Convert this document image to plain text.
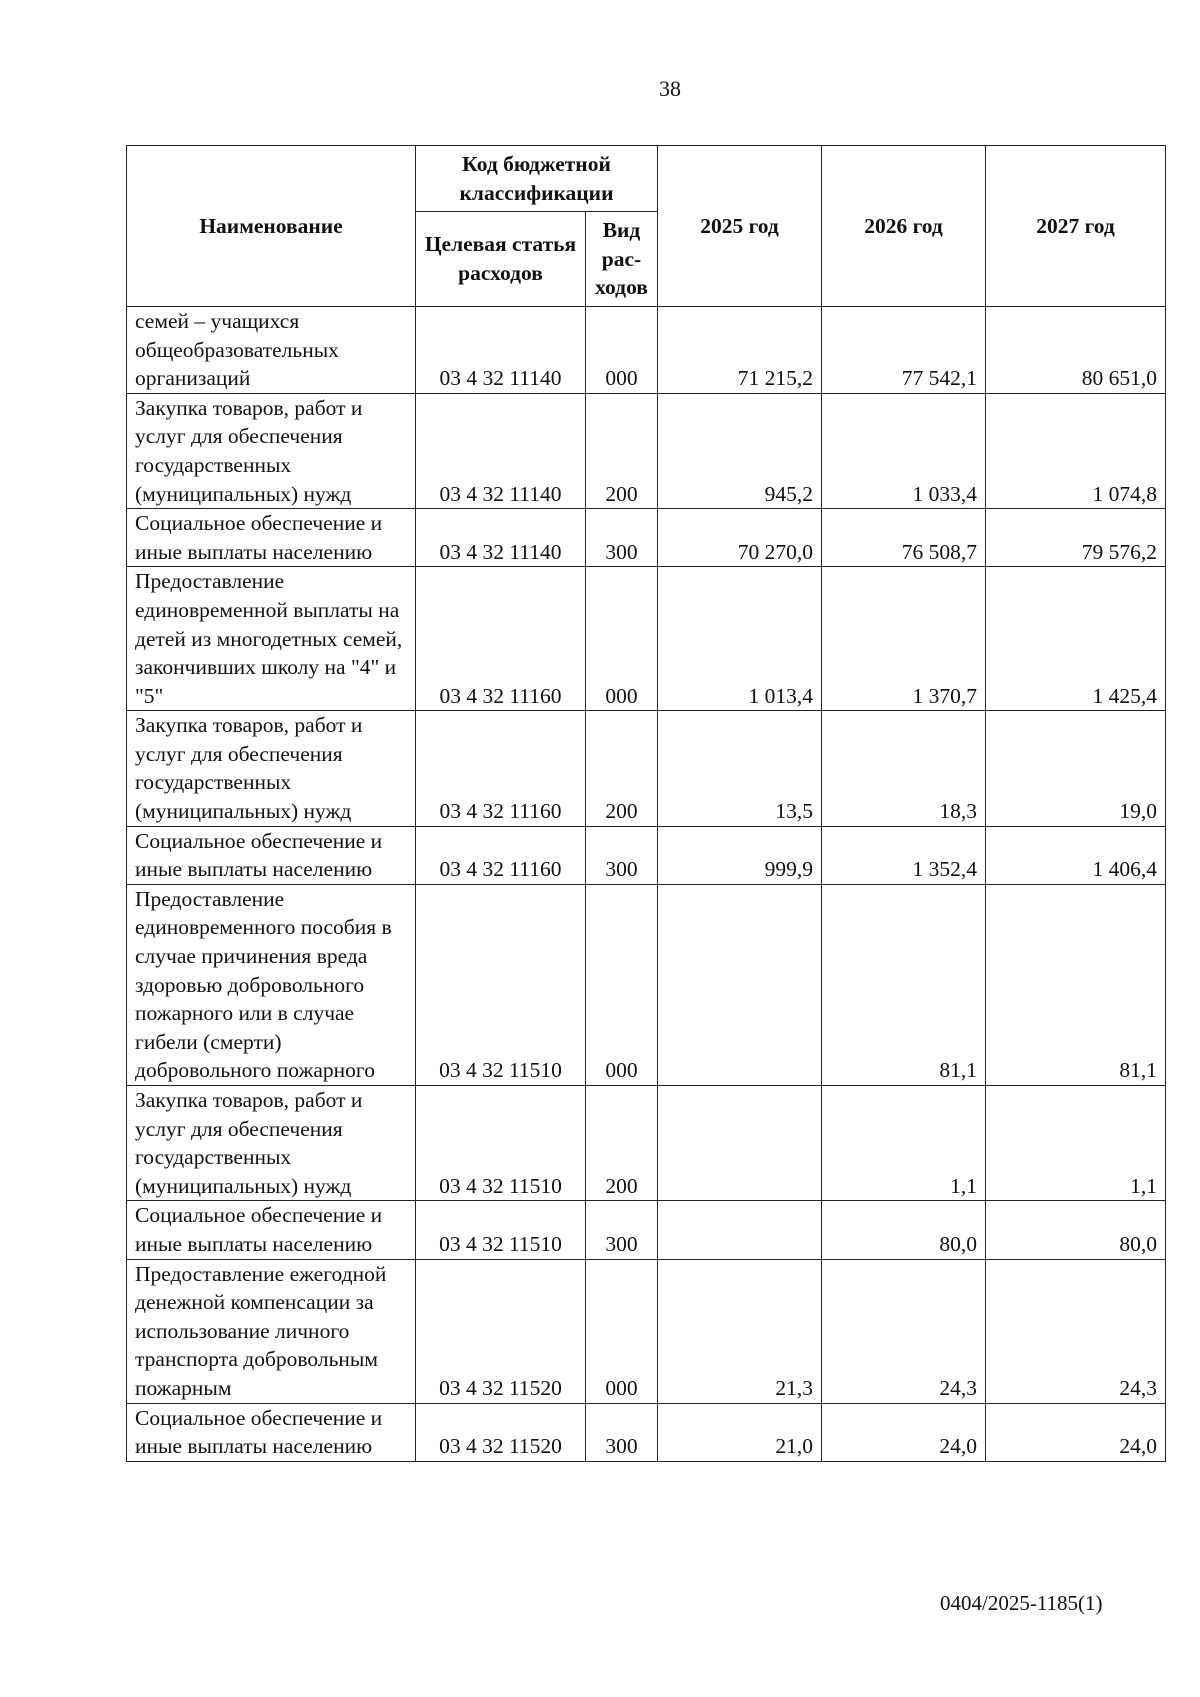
38
Наименование	Код бюджетной классификации		2025 год	2026 год	2027 год
	Целевая статья расходов	Вид рас-ходов			
семей – учащихся общеобразовательных организаций	03 4 32 11140	000	71 215,2	77 542,1	80 651,0
Закупка товаров, работ и услуг для обеспечения государственных (муниципальных) нужд	03 4 32 11140	200	945,2	1 033,4	1 074,8
Социальное обеспечение и иные выплаты населению	03 4 32 11140	300	70 270,0	76 508,7	79 576,2
Предоставление единовременной выплаты на детей из многодетных семей, закончивших школу на "4" и "5"	03 4 32 11160	000	1 013,4	1 370,7	1 425,4
Закупка товаров, работ и услуг для обеспечения государственных (муниципальных) нужд	03 4 32 11160	200	13,5	18,3	19,0
Социальное обеспечение и иные выплаты населению	03 4 32 11160	300	999,9	1 352,4	1 406,4
Предоставление единовременного пособия в случае причинения вреда здоровью добровольного пожарного или в случае гибели (смерти) добровольного пожарного	03 4 32 11510	000		81,1	81,1
Закупка товаров, работ и услуг для обеспечения государственных (муниципальных) нужд	03 4 32 11510	200		1,1	1,1
Социальное обеспечение и иные выплаты населению	03 4 32 11510	300		80,0	80,0
Предоставление ежегодной денежной компенсации за использование личного транспорта добровольным пожарным	03 4 32 11520	000	21,3	24,3	24,3
Социальное обеспечение и иные выплаты населению	03 4 32 11520	300	21,0	24,0	24,0
0404/2025-1185(1)
